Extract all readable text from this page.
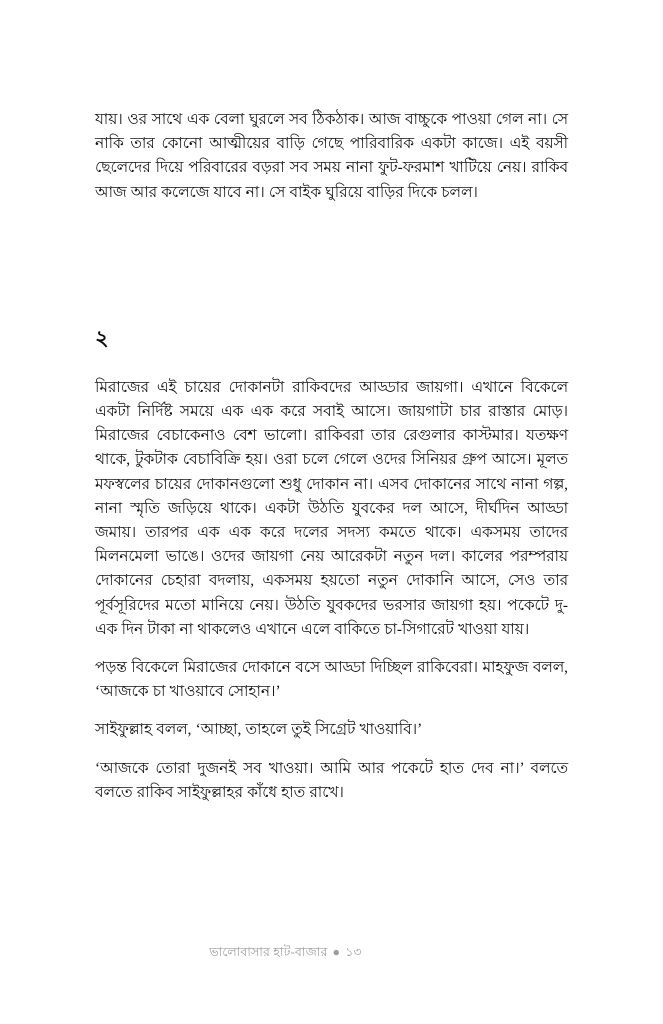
যায়। ওর সাথে এক বেলা ঘুরলে সব ঠিকঠাক। আজ বাচ্চুকে পাওয়া গেল না। সে নাকি তার কোনো আত্মীয়ের বাড়ি গেছে পারিবারিক একটা কাজে। এই বয়সী ছেলেদের দিয়ে পরিবারের বড়রা সব সময় নানা ফুট-ফরমাশ খাটিয়ে নেয়। রাকিব আজ আর কলেজে যাবে না। সে বাইক ঘুরিয়ে বাড়ির দিকে চলল।

২

মিরাজের এই চায়ের দোকানটা রাকিবদের আড্ডার জায়গা। এখানে বিকেলে একটা নির্দিষ্ট সময়ে এক এক করে সবাই আসে। জায়গাটা চার রাস্তার মোড়। মিরাজের বেচাকেনাও বেশ ভালো। রাকিবরা তার রেগুলার কাস্টমার। যতক্ষণ থাকে, টুকটাক বেচাবিক্রি হয়। ওরা চলে গেলে ওদের সিনিয়র গ্রুপ আসে। মূলত মফস্বলের চায়ের দোকানগুলো শুধু দোকান না। এসব দোকানের সাথে নানা গল্প, নানা স্মৃতি জড়িয়ে থাকে। একটা উঠতি যুবকের দল আসে, দীর্ঘদিন আড্ডা জমায়। তারপর এক এক করে দলের সদস্য কমতে থাকে। একসময় তাদের মিলনমেলা ভাঙে। ওদের জায়গা নেয় আরেকটা নতুন দল। কালের পরম্পরায় দোকানের চেহারা বদলায়, একসময় হয়তো নতুন দোকানি আসে, সেও তার পূর্বসূরিদের মতো মানিয়ে নেয়। উঠতি যুবকদের ভরসার জায়গা হয়। পকেটে দু-এক দিন টাকা না থাকলেও এখানে এলে বাকিতে চা-সিগারেট খাওয়া যায়।

পড়ন্ত বিকেলে মিরাজের দোকানে বসে আড্ডা দিচ্ছিল রাকিবেরা। মাহফুজ বলল, ‘আজকে চা খাওয়াবে সোহান।’

সাইফুল্লাহ বলল, ‘আচ্ছা, তাহলে তুই সিগ্রেট খাওয়াবি।’

‘আজকে তোরা দুজনই সব খাওয়া। আমি আর পকেটে হাত দেব না।’ বলতে বলতে রাকিব সাইফুল্লাহর কাঁধে হাত রাখে।

ভালোবাসার হাট-বাজার ● ১৩
